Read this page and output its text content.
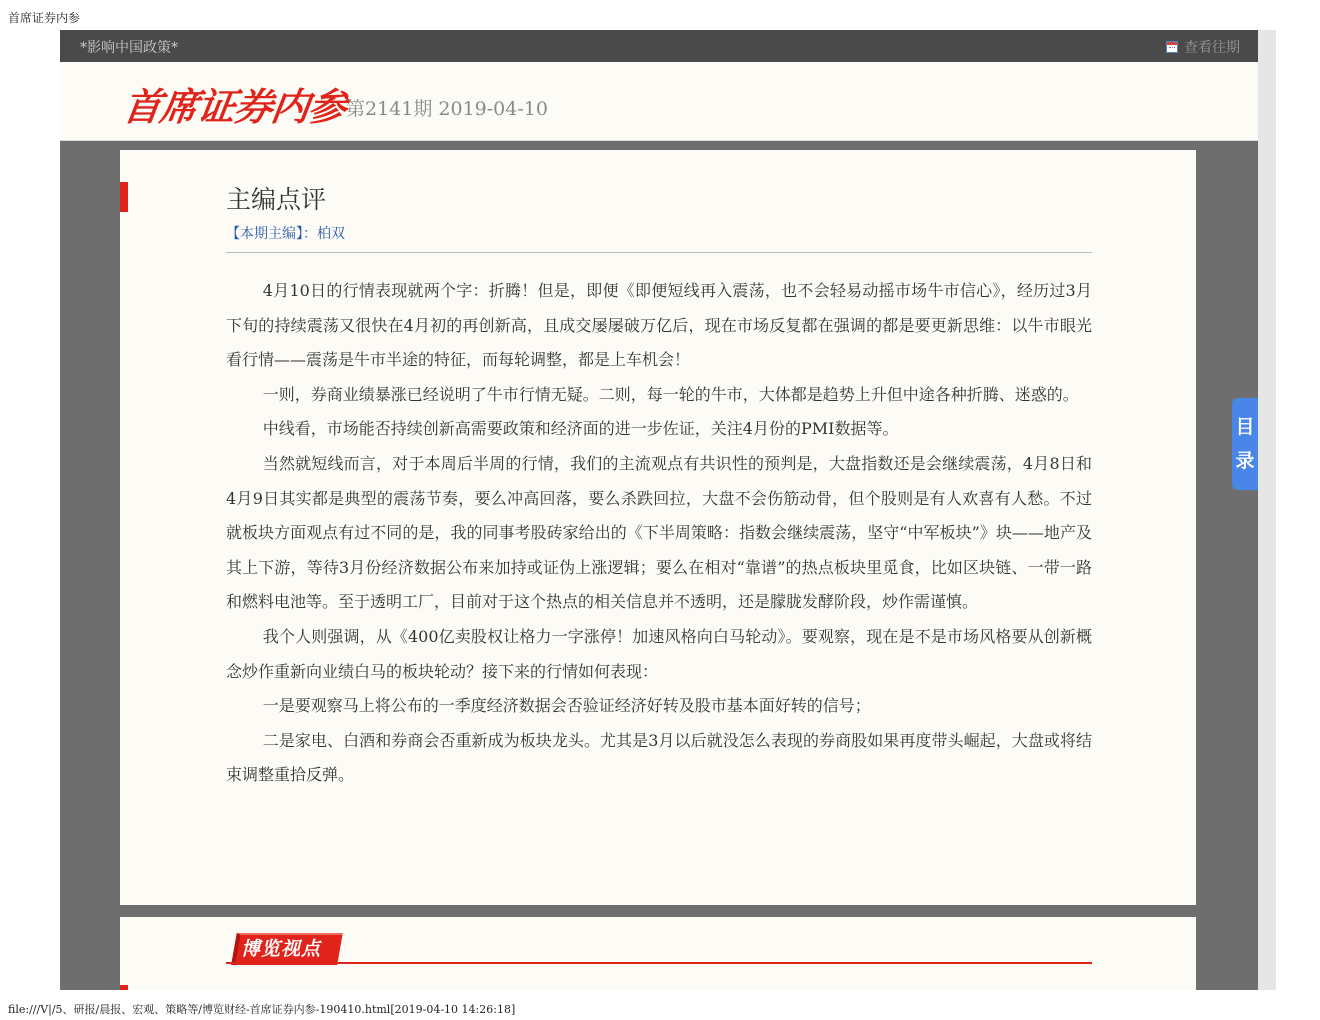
首席证券内参
*影响中国政策*	查看往期
首席证券内参
第2141期 2019-04-10
主编点评
【本期主编】：柏双

4月10日的行情表现就两个字：折腾！但是，即便《即便短线再入震荡，也不会轻易动摇市场牛市信心》，经历过3月下旬的持续震荡又很快在4月初的再创新高，且成交屡屡破万亿后，现在市场反复都在强调的都是要更新思维：以牛市眼光看行情——震荡是牛市半途的特征，而每轮调整，都是上车机会！

一则，券商业绩暴涨已经说明了牛市行情无疑。二则，每一轮的牛市，大体都是趋势上升但中途各种折腾、迷惑的。

中线看，市场能否持续创新高需要政策和经济面的进一步佐证，关注4月份的PMI数据等。

当然就短线而言，对于本周后半周的行情，我们的主流观点有共识性的预判是，大盘指数还是会继续震荡，4月8日和4月9日其实都是典型的震荡节奏，要么冲高回落，要么杀跌回拉，大盘不会伤筋动骨，但个股则是有人欢喜有人愁。不过就板块方面观点有过不同的是，我的同事考股砖家给出的《下半周策略：指数会继续震荡，坚守“中军板块”》块——地产及其上下游，等待3月份经济数据公布来加持或证伪上涨逻辑；要么在相对“靠谱”的热点板块里觅食，比如区块链、一带一路和燃料电池等。至于透明工厂，目前对于这个热点的相关信息并不透明，还是朦胧发酵阶段，炒作需谨慎。

我个人则强调，从《400亿卖股权让格力一字涨停！加速风格向白马轮动》。要观察，现在是不是市场风格要从创新概念炒作重新向业绩白马的板块轮动？接下来的行情如何表现：

一是要观察马上将公布的一季度经济数据会否验证经济好转及股市基本面好转的信号；

二是家电、白酒和券商会否重新成为板块龙头。尤其是3月以后就没怎么表现的券商股如果再度带头崛起，大盘或将结束调整重拾反弹。

博览视点
目
录
file:///V|/5、研报/晨报、宏观、策略等/博览财经-首席证券内参-190410.html[2019-04-10 14:26:18]
